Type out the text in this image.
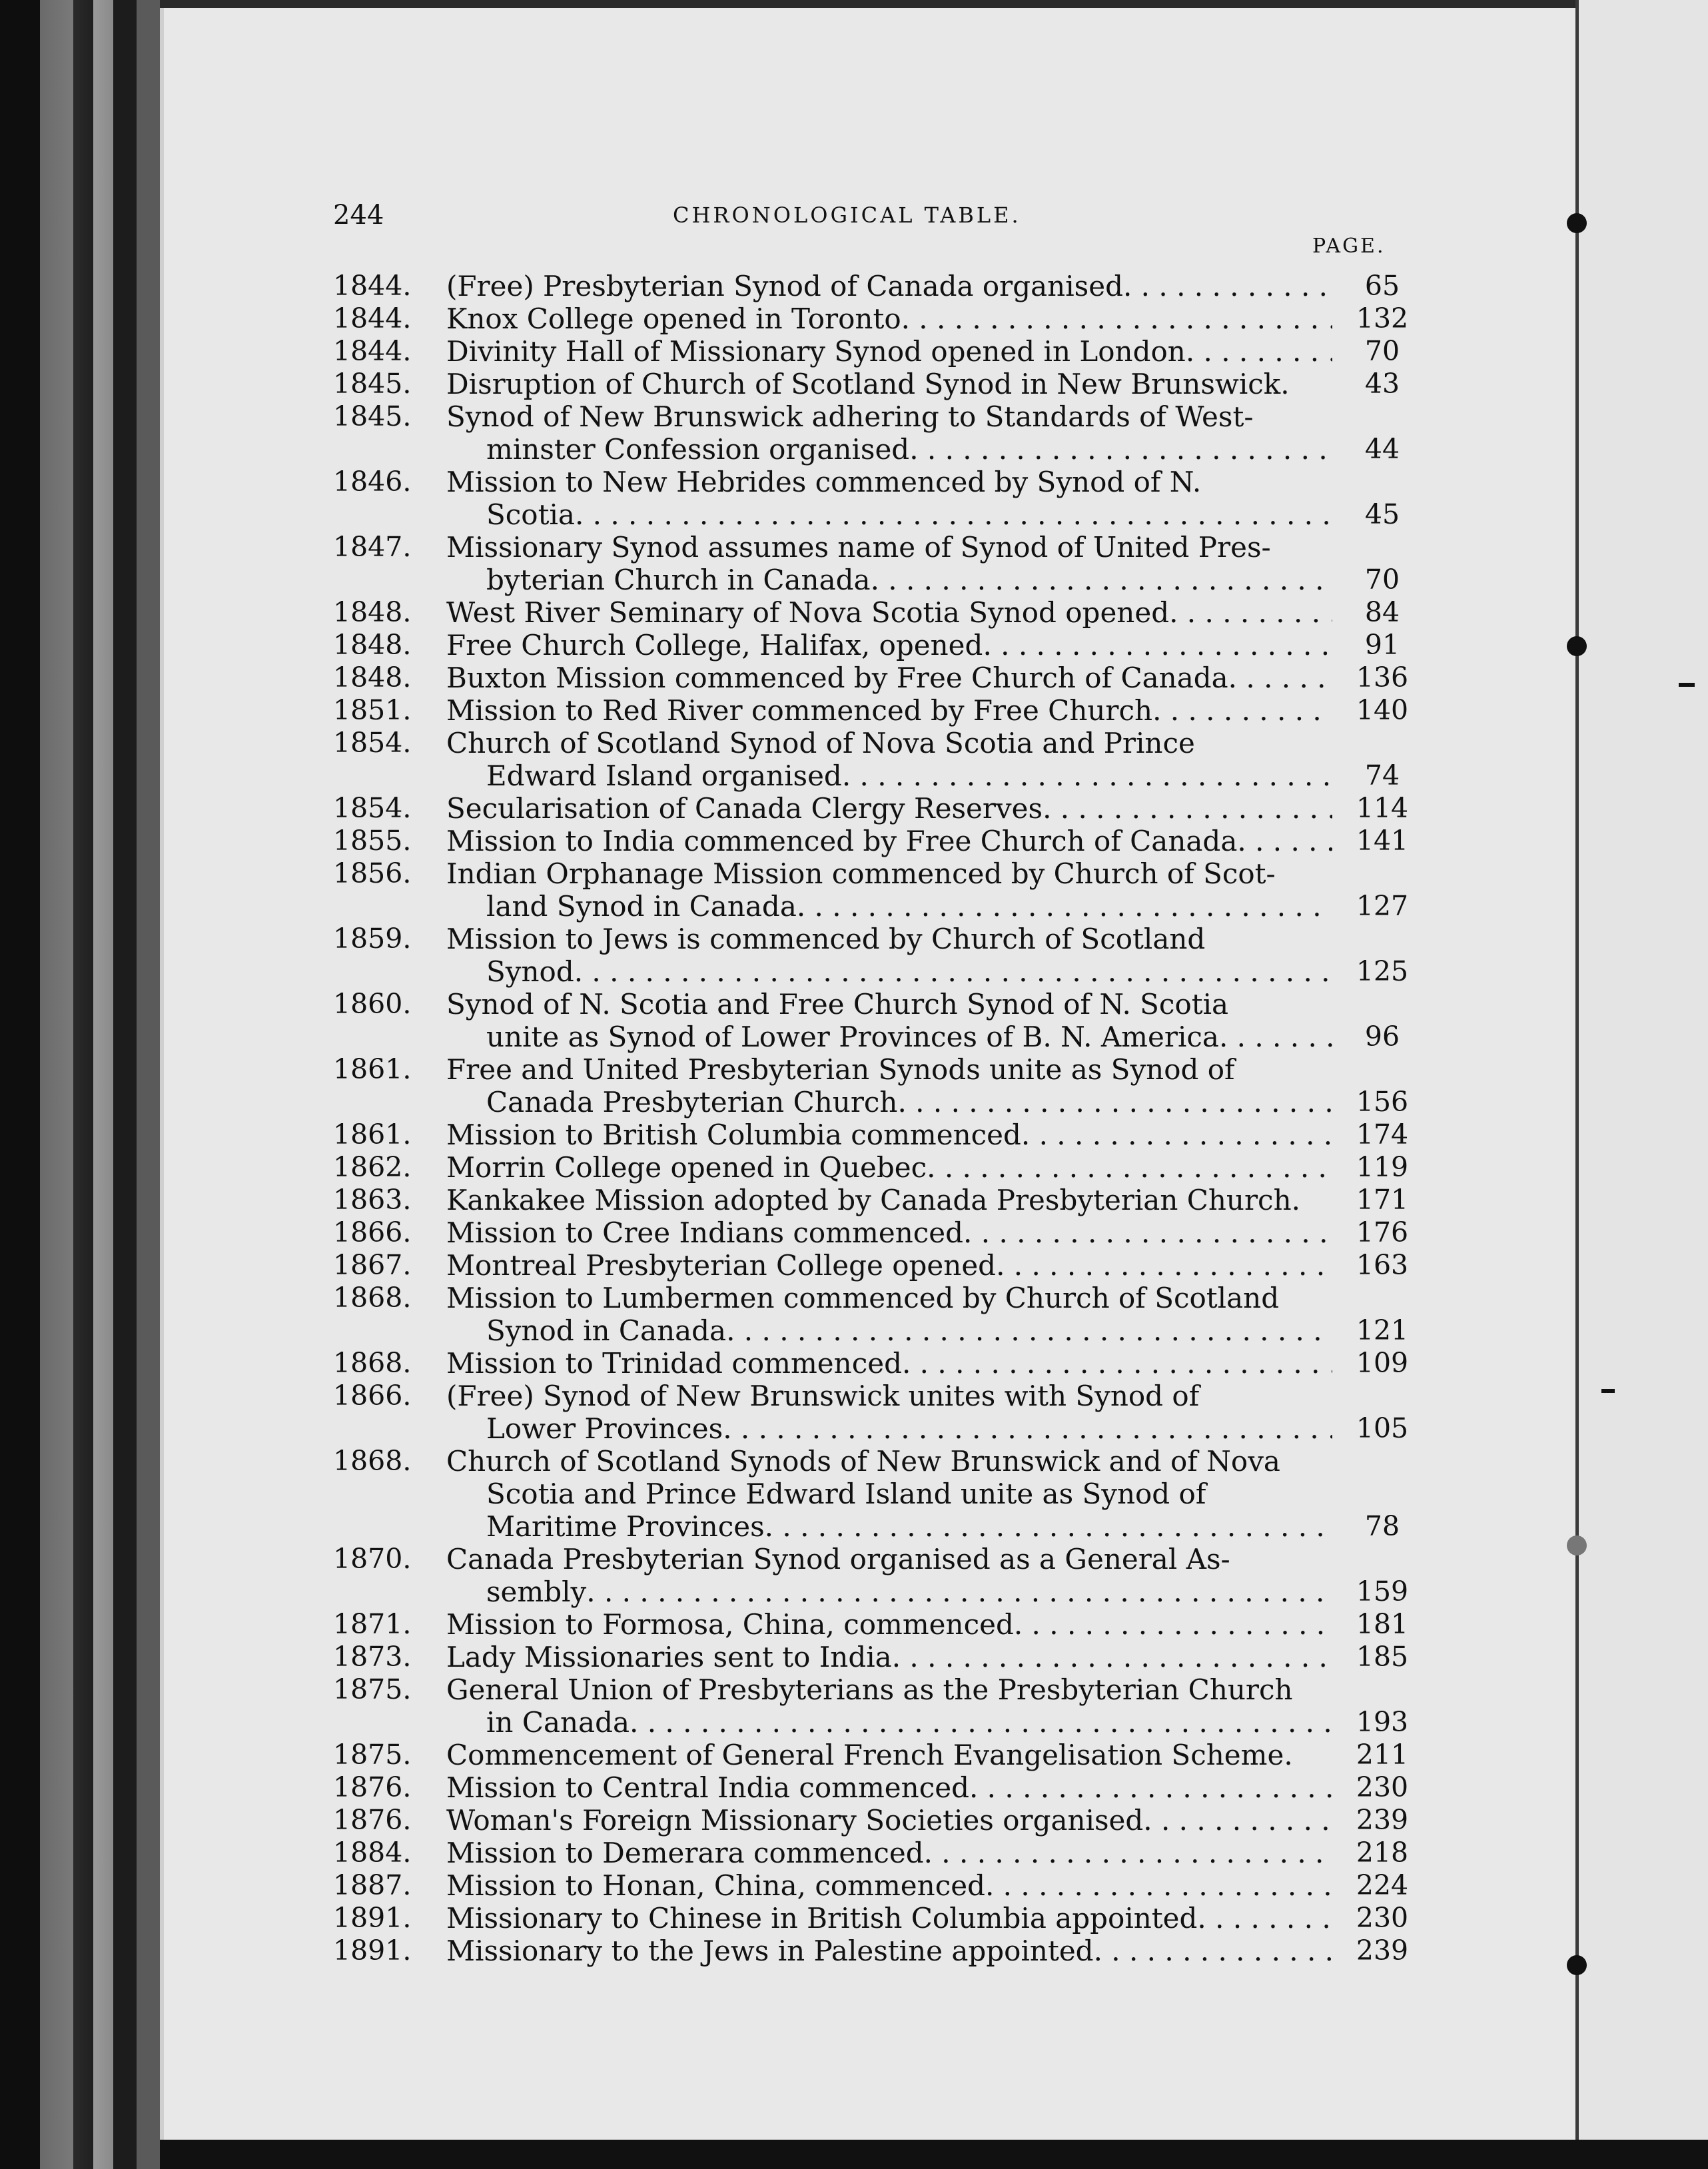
244	CHRONOLOGICAL TABLE.
PAGE.
1844.	(Free) Presbyterian Synod of Canada organised . . .	65
1844.	Knox College opened in Toronto . . .	132
1844.	Divinity Hall of Missionary Synod opened in London . . .	70
1845.	Disruption of Church of Scotland Synod in New Brunswick.	43
1845.	Synod of New Brunswick adhering to Standards of West-
minster Confession organised . . .	44
1846.	Mission to New Hebrides commenced by Synod of N.
Scotia . . .	45
1847.	Missionary Synod assumes name of Synod of United Pres-
byterian Church in Canada . . .	70
1848.	West River Seminary of Nova Scotia Synod opened . . .	84
1848.	Free Church College, Halifax, opened . . .	91
1848.	Buxton Mission commenced by Free Church of Canada . . .	136
1851.	Mission to Red River commenced by Free Church . . .	140
1854.	Church of Scotland Synod of Nova Scotia and Prince
Edward Island organised . . .	74
1854.	Secularisation of Canada Clergy Reserves . . .	114
1855.	Mission to India commenced by Free Church of Canada . . .	141
1856.	Indian Orphanage Mission commenced by Church of Scot-
land Synod in Canada . . .	127
1859.	Mission to Jews is commenced by Church of Scotland
Synod . . .	125
1860.	Synod of N. Scotia and Free Church Synod of N. Scotia
unite as Synod of Lower Provinces of B. N. America . . .	96
1861.	Free and United Presbyterian Synods unite as Synod of
Canada Presbyterian Church . . .	156
1861.	Mission to British Columbia commenced . . .	174
1862.	Morrin College opened in Quebec . . .	119
1863.	Kankakee Mission adopted by Canada Presbyterian Church.	171
1866.	Mission to Cree Indians commenced . . .	176
1867.	Montreal Presbyterian College opened . . .	163
1868.	Mission to Lumbermen commenced by Church of Scotland
Synod in Canada . . .	121
1868.	Mission to Trinidad commenced . . .	109
1866.	(Free) Synod of New Brunswick unites with Synod of
Lower Provinces . . .	105
1868.	Church of Scotland Synods of New Brunswick and of Nova
Scotia and Prince Edward Island unite as Synod of
Maritime Provinces . . .	78
1870.	Canada Presbyterian Synod organised as a General As-
sembly . . .	159
1871.	Mission to Formosa, China, commenced . . .	181
1873.	Lady Missionaries sent to India . . .	185
1875.	General Union of Presbyterians as the Presbyterian Church
in Canada . . .	193
1875.	Commencement of General French Evangelisation Scheme.	211
1876.	Mission to Central India commenced . . .	230
1876.	Woman's Foreign Missionary Societies organised . . .	239
1884.	Mission to Demerara commenced . . .	218
1887.	Mission to Honan, China, commenced . . .	224
1891.	Missionary to Chinese in British Columbia appointed . . .	230
1891.	Missionary to the Jews in Palestine appointed . . .	239
